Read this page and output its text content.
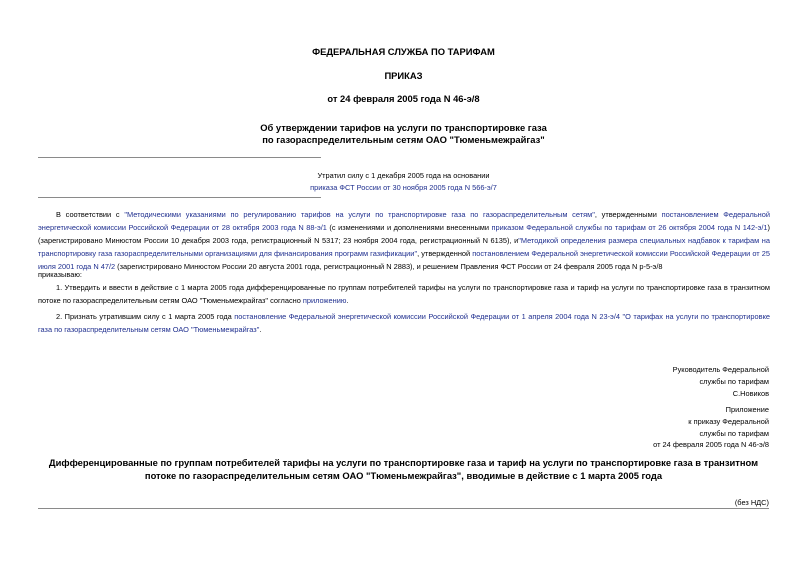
ФЕДЕРАЛЬНАЯ СЛУЖБА ПО ТАРИФАМ
ПРИКАЗ
от 24 февраля 2005 года N 46-э/8
Об утверждении тарифов на услуги по транспортировке газа
по газораспределительным сетям ОАО "Тюменьмежрайгаз"
Утратил силу с 1 декабря 2005 года на основании
приказа ФСТ России от 30 ноября 2005 года N 566-э/7
В соответствии с "Методическими указаниями по регулированию тарифов на услуги по транспортировке газа по газораспределительным сетям", утвержденными постановлением Федеральной энергетической комиссии Российской Федерации от 28 октября 2003 года N 88-э/1 (с изменениями и дополнениями внесенными приказом Федеральной службы по тарифам от 26 октября 2004 года N 142-э/1) (зарегистрировано Минюстом России 10 декабря 2003 года, регистрационный N 5317; 23 ноября 2004 года, регистрационный N 6135), и"Методикой определения размера специальных надбавок к тарифам на транспортировку газа газораспределительными организациями для финансирования программ газификации", утвержденной постановлением Федеральной энергетической комиссии Российской Федерации от 25 июля 2001 года N 47/2 (зарегистрировано Минюстом России 20 августа 2001 года, регистрационный N 2883), и решением Правления ФСТ России от 24 февраля 2005 года N р-5-э/8
приказываю:
1. Утвердить и ввести в действие с 1 марта 2005 года дифференцированные по группам потребителей тарифы на услуги по транспортировке газа и тариф на услуги по транспортировке газа в транзитном потоке по газораспределительным сетям ОАО "Тюменьмежрайгаз" согласно приложению.
2. Признать утратившим силу с 1 марта 2005 года постановление Федеральной энергетической комиссии Российской Федерации от 1 апреля 2004 года N 23-э/4 "О тарифах на услуги по транспортировке газа по газораспределительным сетям ОАО "Тюменьмежрайгаз".
Руководитель Федеральной
службы по тарифам
С.Новиков
Приложение
к приказу Федеральной
службы по тарифам
от 24 февраля 2005 года N 46-э/8
Дифференцированные по группам потребителей тарифы на услуги по транспортировке газа и тариф на услуги по транспортировке газа в транзитном потоке по газораспределительным сетям ОАО "Тюменьмежрайгаз", вводимые в действие с 1 марта 2005 года
(без НДС)
